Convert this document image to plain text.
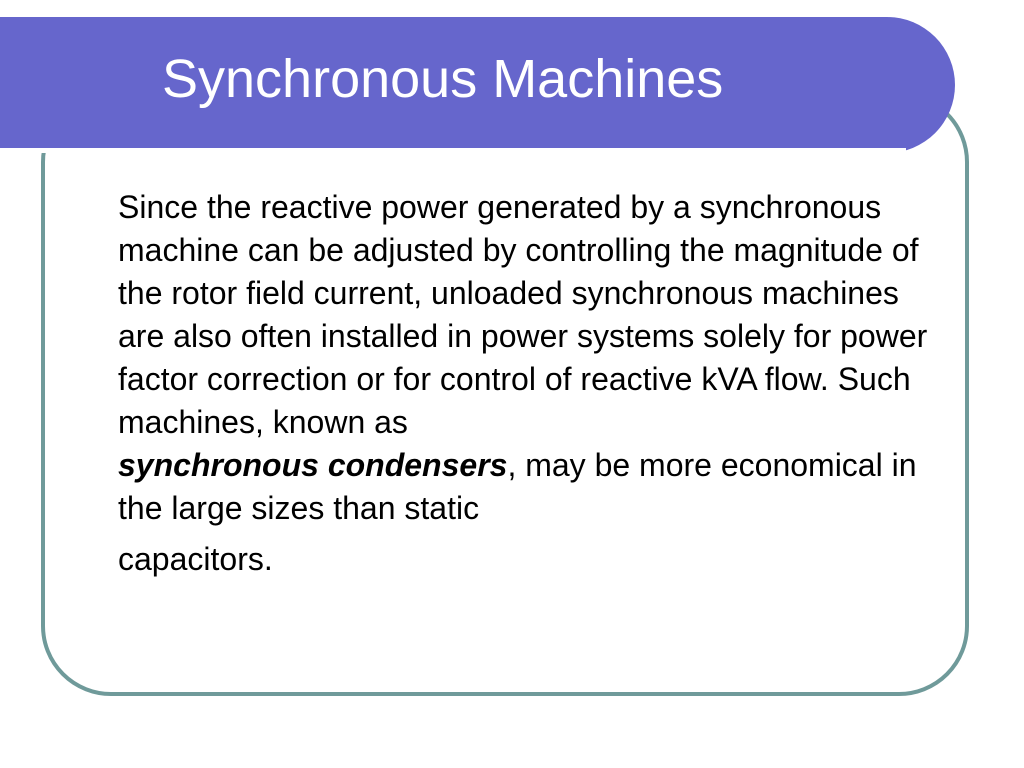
Synchronous Machines

Since the reactive power generated by a synchronous machine can be adjusted by controlling the magnitude of the rotor field current, unloaded synchronous machines are also often installed in power systems solely for power factor correction or for control of reactive kVA flow. Such machines, known as
synchronous condensers, may be more economical in the large sizes than static
capacitors.
